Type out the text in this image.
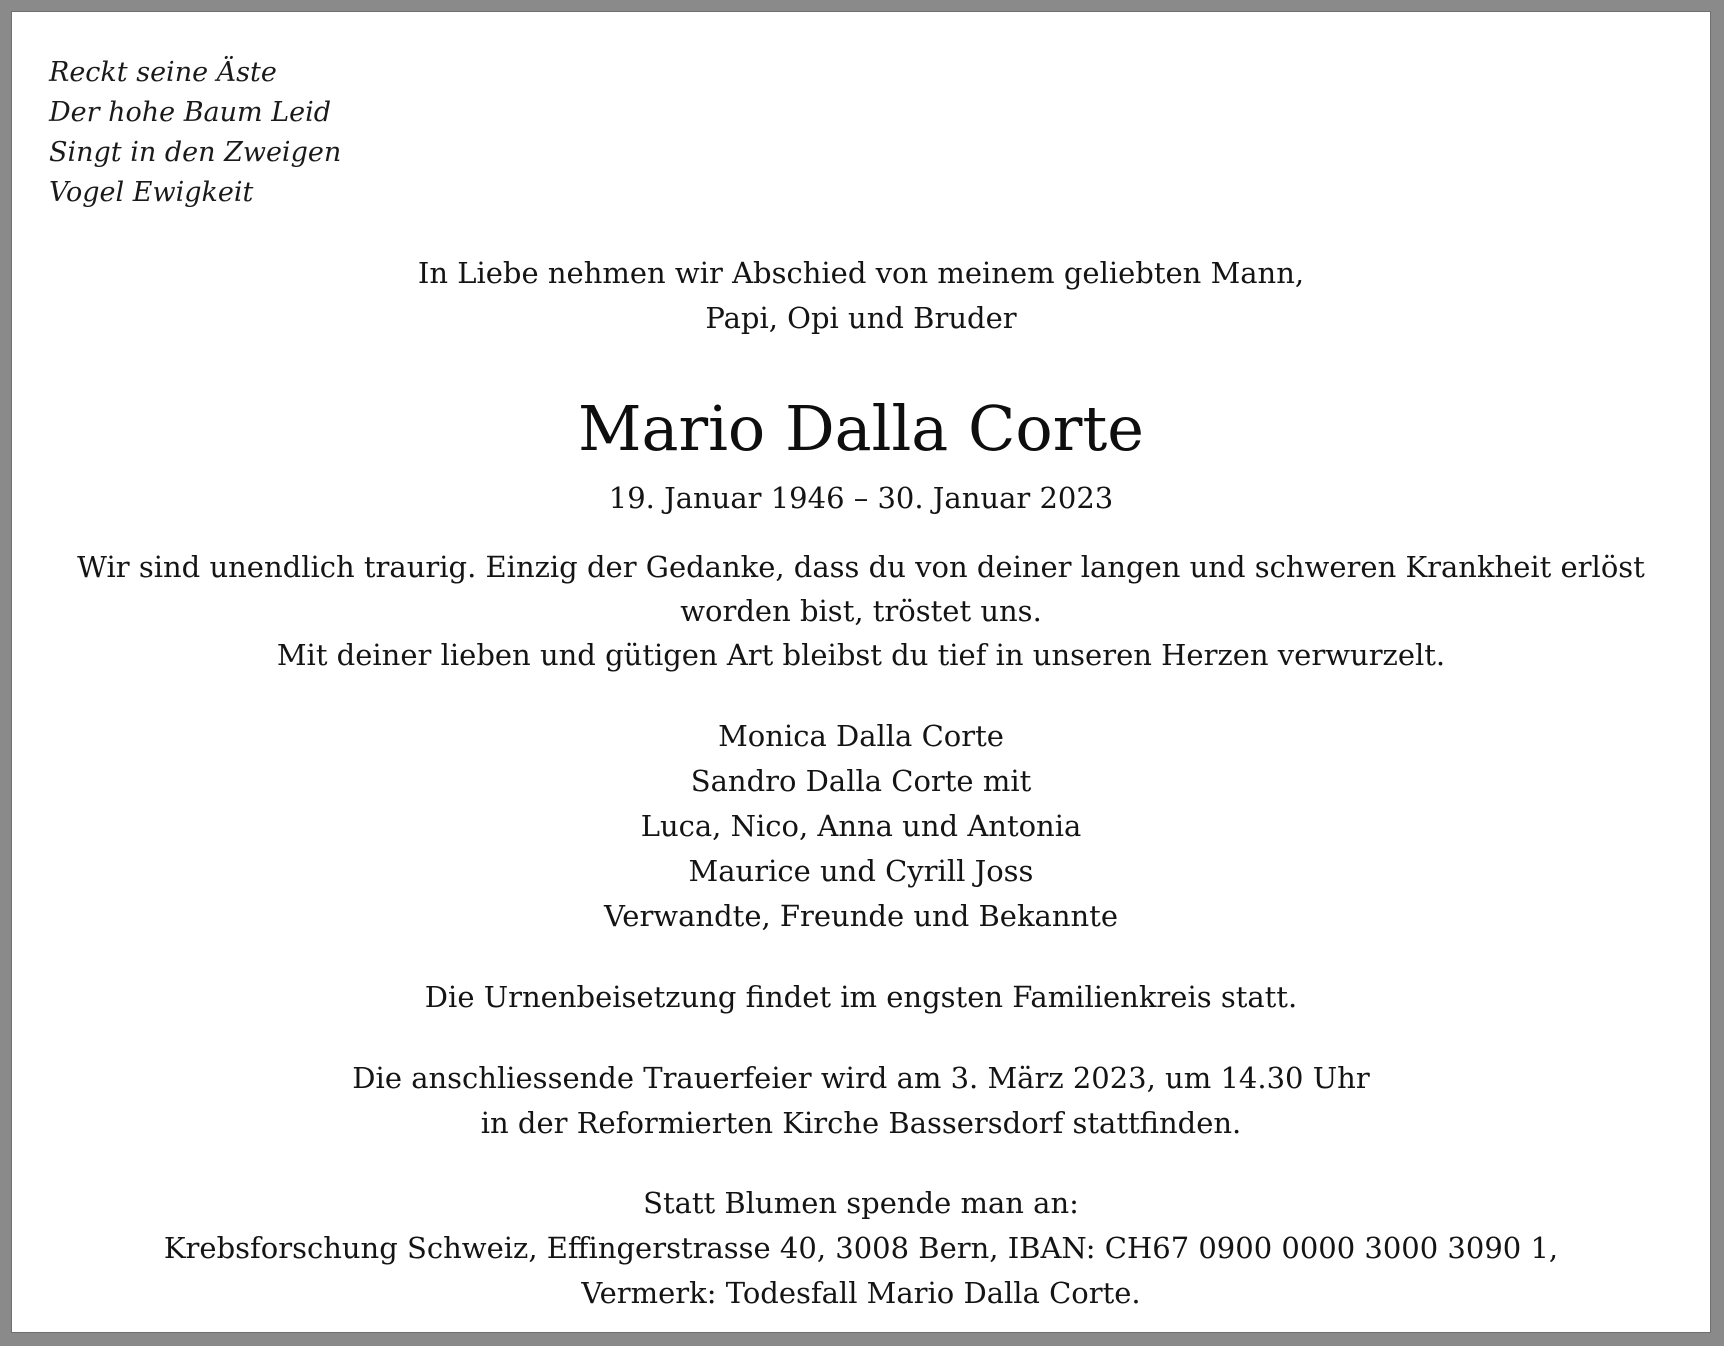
Reckt seine Äste
Der hohe Baum Leid
Singt in den Zweigen
Vogel Ewigkeit
In Liebe nehmen wir Abschied von meinem geliebten Mann,
Papi, Opi und Bruder
Mario Dalla Corte
19. Januar 1946 – 30. Januar 2023
Wir sind unendlich traurig. Einzig der Gedanke, dass du von deiner langen und schweren Krankheit erlöst
worden bist, tröstet uns.
Mit deiner lieben und gütigen Art bleibst du tief in unseren Herzen verwurzelt.
Monica Dalla Corte
Sandro Dalla Corte mit
Luca, Nico, Anna und Antonia
Maurice und Cyrill Joss
Verwandte, Freunde und Bekannte
Die Urnenbeisetzung findet im engsten Familienkreis statt.
Die anschliessende Trauerfeier wird am 3. März 2023, um 14.30 Uhr
in der Reformierten Kirche Bassersdorf stattfinden.
Statt Blumen spende man an:
Krebsforschung Schweiz, Effingerstrasse 40, 3008 Bern, IBAN: CH67 0900 0000 3000 3090 1,
Vermerk: Todesfall Mario Dalla Corte.
